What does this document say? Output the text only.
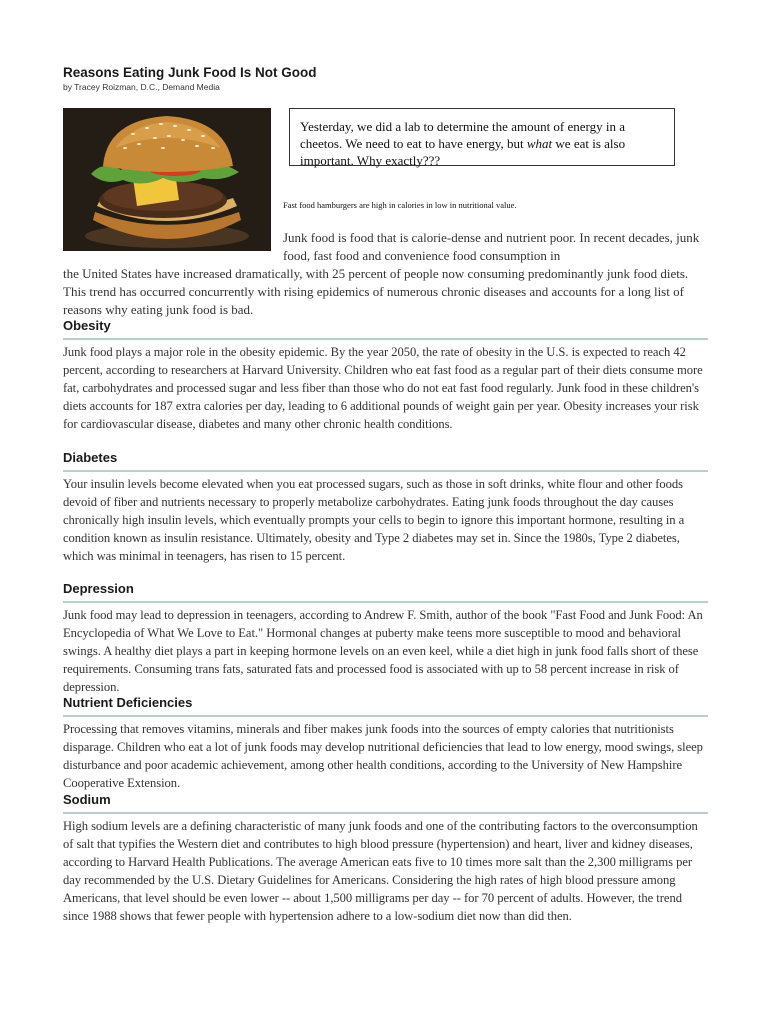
Reasons Eating Junk Food Is Not Good
by Tracey Roizman, D.C., Demand Media
Yesterday, we did a lab to determine the amount of energy in a cheetos. We need to eat to have energy, but what we eat is also important. Why exactly???
Fast food hamburgers are high in calories in low in nutritional value.
Junk food is food that is calorie-dense and nutrient poor. In recent decades, junk food, fast food and convenience food consumption in
the United States have increased dramatically, with 25 percent of people now consuming predominantly junk food diets. This trend has occurred concurrently with rising epidemics of numerous chronic diseases and accounts for a long list of reasons why eating junk food is bad.
Obesity

Junk food plays a major role in the obesity epidemic. By the year 2050, the rate of obesity in the U.S. is expected to reach 42 percent, according to researchers at Harvard University. Children who eat fast food as a regular part of their diets consume more fat, carbohydrates and processed sugar and less fiber than those who do not eat fast food regularly. Junk food in these children's diets accounts for 187 extra calories per day, leading to 6 additional pounds of weight gain per year. Obesity increases your risk for cardiovascular disease, diabetes and many other chronic health conditions.

Diabetes

Your insulin levels become elevated when you eat processed sugars, such as those in soft drinks, white flour and other foods devoid of fiber and nutrients necessary to properly metabolize carbohydrates. Eating junk foods throughout the day causes chronically high insulin levels, which eventually prompts your cells to begin to ignore this important hormone, resulting in a condition known as insulin resistance. Ultimately, obesity and Type 2 diabetes may set in. Since the 1980s, Type 2 diabetes, which was minimal in teenagers, has risen to 15 percent.

Depression

Junk food may lead to depression in teenagers, according to Andrew F. Smith, author of the book "Fast Food and Junk Food: An Encyclopedia of What We Love to Eat." Hormonal changes at puberty make teens more susceptible to mood and behavioral swings. A healthy diet plays a part in keeping hormone levels on an even keel, while a diet high in junk food falls short of these requirements. Consuming trans fats, saturated fats and processed food is associated with up to 58 percent increase in risk of depression.

Nutrient Deficiencies

Processing that removes vitamins, minerals and fiber makes junk foods into the sources of empty calories that nutritionists disparage. Children who eat a lot of junk foods may develop nutritional deficiencies that lead to low energy, mood swings, sleep disturbance and poor academic achievement, among other health conditions, according to the University of New Hampshire Cooperative Extension.

Sodium

High sodium levels are a defining characteristic of many junk foods and one of the contributing factors to the overconsumption of salt that typifies the Western diet and contributes to high blood pressure (hypertension) and heart, liver and kidney diseases, according to Harvard Health Publications. The average American eats five to 10 times more salt than the 2,300 milligrams per day recommended by the U.S. Dietary Guidelines for Americans. Considering the high rates of high blood pressure among Americans, that level should be even lower -- about 1,500 milligrams per day -- for 70 percent of adults. However, the trend since 1988 shows that fewer people with hypertension adhere to a low-sodium diet now than did then.
